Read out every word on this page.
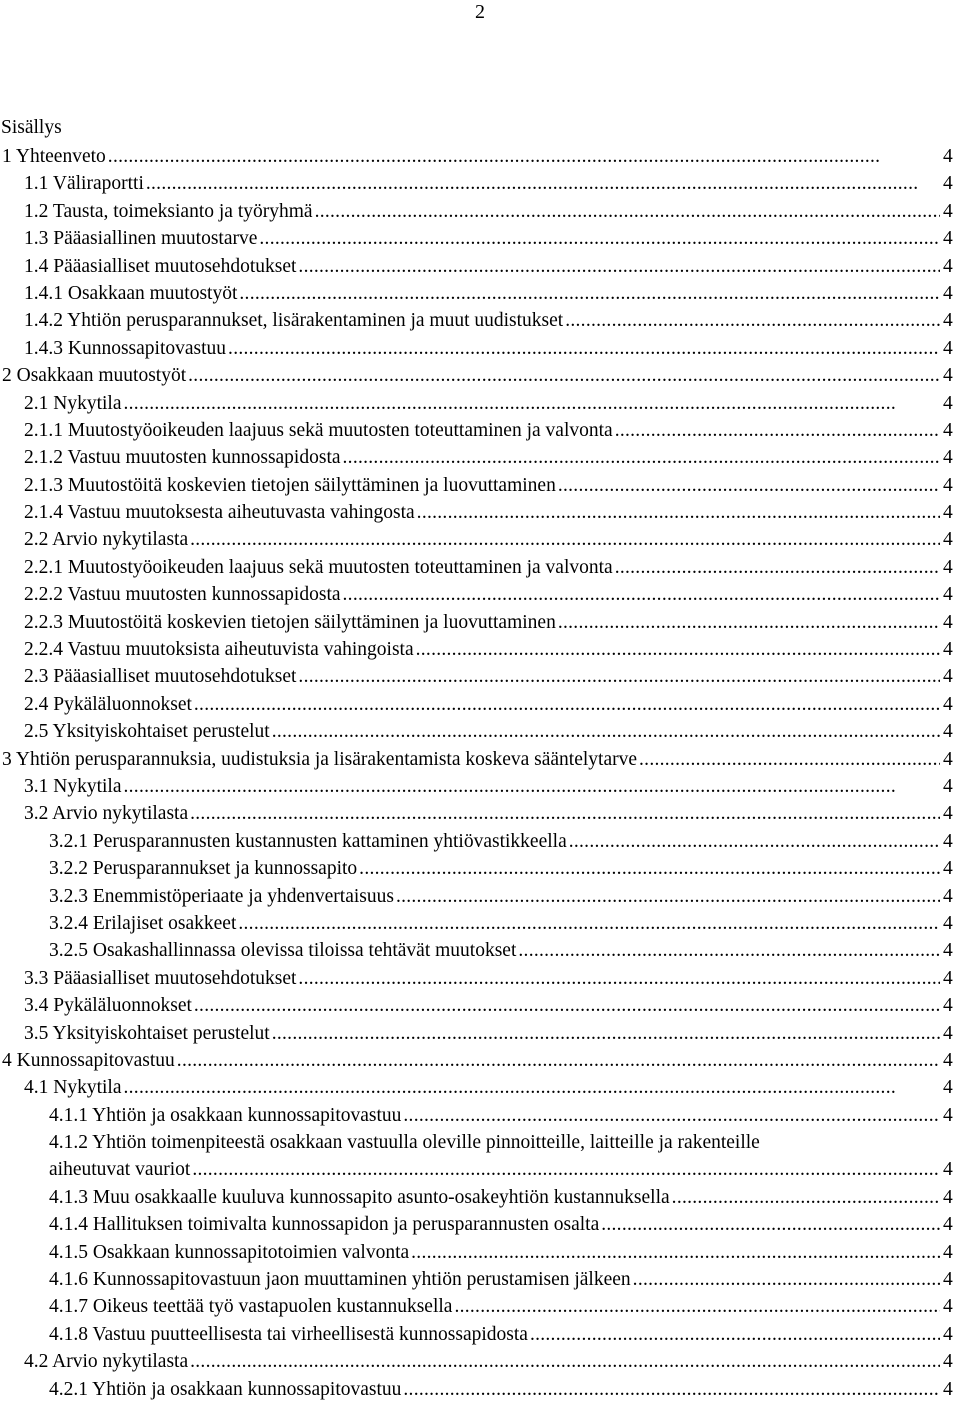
2
Sisällys
1 Yhteenveto . . .	4
1.1 Väliraportti . . .	4
1.2 Tausta, toimeksianto ja työryhmä . . .	4
1.3 Pääasiallinen muutostarve . . .	4
1.4 Pääasialliset muutosehdotukset . . .	4
1.4.1 Osakkaan muutostyöt . . .	4
1.4.2 Yhtiön perusparannukset, lisärakentaminen ja muut uudistukset . . .	4
1.4.3 Kunnossapitovastuu . . .	4
2 Osakkaan muutostyöt . . .	4
2.1 Nykytila . . .	4
2.1.1 Muutostyöoikeuden laajuus sekä muutosten toteuttaminen ja valvonta . . .	4
2.1.2 Vastuu muutosten kunnossapidosta . . .	4
2.1.3 Muutostöitä koskevien tietojen säilyttäminen ja luovuttaminen . . .	4
2.1.4 Vastuu muutoksesta aiheutuvasta vahingosta . . .	4
2.2 Arvio nykytilasta . . .	4
2.2.1 Muutostyöoikeuden laajuus sekä muutosten toteuttaminen ja valvonta . . .	4
2.2.2 Vastuu muutosten kunnossapidosta . . .	4
2.2.3 Muutostöitä koskevien tietojen säilyttäminen ja luovuttaminen . . .	4
2.2.4 Vastuu muutoksista aiheutuvista vahingoista . . .	4
2.3 Pääasialliset muutosehdotukset . . .	4
2.4 Pykäläluonnokset . . .	4
2.5 Yksityiskohtaiset perustelut . . .	4
3 Yhtiön perusparannuksia, uudistuksia ja lisärakentamista koskeva sääntelytarve . . .	4
3.1 Nykytila . . .	4
3.2 Arvio nykytilasta . . .	4
3.2.1 Perusparannusten kustannusten kattaminen yhtiövastikkeella . . .	4
3.2.2 Perusparannukset ja kunnossapito . . .	4
3.2.3 Enemmistöperiaate ja yhdenvertaisuus . . .	4
3.2.4 Erilajiset osakkeet . . .	4
3.2.5 Osakashallinnassa olevissa tiloissa tehtävät muutokset . . .	4
3.3 Pääasialliset muutosehdotukset . . .	4
3.4 Pykäläluonnokset . . .	4
3.5 Yksityiskohtaiset perustelut . . .	4
4 Kunnossapitovastuu . . .	4
4.1 Nykytila . . .	4
4.1.1 Yhtiön ja osakkaan kunnossapitovastuu . . .	4
4.1.2 Yhtiön toimenpiteestä osakkaan vastuulla oleville pinnoitteille, laitteille ja rakenteille
aiheutuvat vauriot . . .	4
4.1.3 Muu osakkaalle kuuluva kunnossapito asunto-osakeyhtiön kustannuksella . . .	4
4.1.4 Hallituksen toimivalta kunnossapidon ja perusparannusten osalta . . .	4
4.1.5 Osakkaan kunnossapitotoimien valvonta . . .	4
4.1.6 Kunnossapitovastuun jaon muuttaminen yhtiön perustamisen jälkeen . . .	4
4.1.7 Oikeus teettää työ vastapuolen kustannuksella . . .	4
4.1.8 Vastuu puutteellisesta tai virheellisestä kunnossapidosta . . .	4
4.2 Arvio nykytilasta . . .	4
4.2.1 Yhtiön ja osakkaan kunnossapitovastuu . . .	4
